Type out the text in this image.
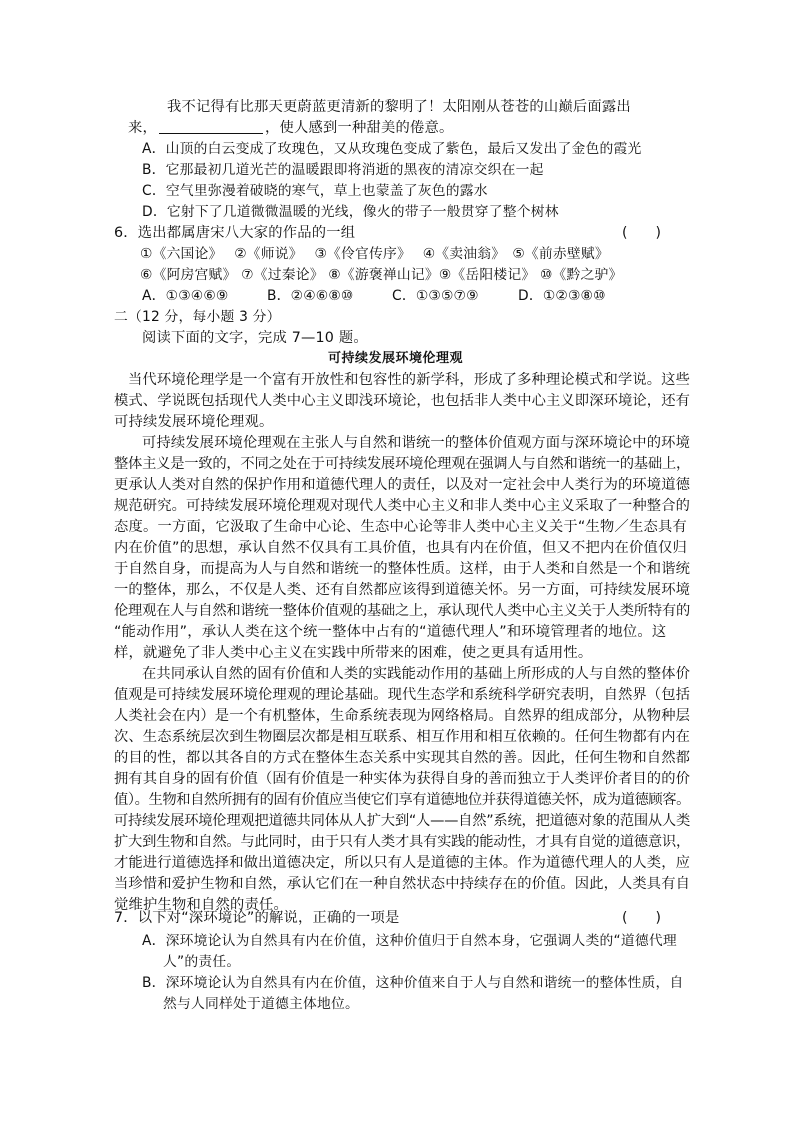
我不记得有比那天更蔚蓝更清新的黎明了！太阳刚从苍苍的山巅后面露出
来，	，使人感到一种甜美的倦意。
A．山顶的白云变成了玫瑰色，又从玫瑰色变成了紫色，最后又发出了金色的霞光
B．它那最初几道光芒的温暖跟即将消逝的黑夜的清凉交织在一起
C．空气里弥漫着破晓的寒气，草上也蒙盖了灰色的露水
D．它射下了几道微微温暖的光线，像火的带子一般贯穿了整个树林
6．选出都属唐宋八大家的作品的一组	(　　)
①《六国论》　 ②《师说》　 ③《伶官传序》　 ④《卖油翁》　⑤《前赤壁赋》
⑥《阿房宫赋》 ⑦《过秦论》 ⑧《游褒禅山记》⑨《岳阳楼记》 ⑩《黔之驴》
A．①③④⑥⑨	B．②④⑥⑧⑩	C．①③⑤⑦⑨	D．①②③⑧⑩
二（12 分，每小题 3 分）
阅读下面的文字，完成 7—10 题。
可持续发展环境伦理观
当代环境伦理学是一个富有开放性和包容性的新学科，形成了多种理论模式和学说。这些
模式、学说既包括现代人类中心主义即浅环境论，也包括非人类中心主义即深环境论，还有
可持续发展环境伦理观。
可持续发展环境伦理观在主张人与自然和谐统一的整体价值观方面与深环境论中的环境
整体主义是一致的，不同之处在于可持续发展环境伦理观在强调人与自然和谐统一的基础上，
更承认人类对自然的保护作用和道德代理人的责任，以及对一定社会中人类行为的环境道德
规范研究。可持续发展环境伦理观对现代人类中心主义和非人类中心主义采取了一种整合的
态度。一方面，它汲取了生命中心论、生态中心论等非人类中心主义关于“生物／生态具有
内在价值”的思想，承认自然不仅具有工具价值，也具有内在价值，但又不把内在价值仅归
于自然自身，而提高为人与自然和谐统一的整体性质。这样，由于人类和自然是一个和谐统
一的整体，那么，不仅是人类、还有自然都应该得到道德关怀。另一方面，可持续发展环境
伦理观在人与自然和谐统一整体价值观的基础之上，承认现代人类中心主义关于人类所特有的
“能动作用”，承认人类在这个统一整体中占有的“道德代理人”和环境管理者的地位。这
样，就避免了非人类中心主义在实践中所带来的困难，使之更具有适用性。
在共同承认自然的固有价值和人类的实践能动作用的基础上所形成的人与自然的整体价
值观是可持续发展环境伦理观的理论基础。现代生态学和系统科学研究表明，自然界（包括
人类社会在内）是一个有机整体，生命系统表现为网络格局。自然界的组成部分，从物种层
次、生态系统层次到生物圈层次都是相互联系、相互作用和相互依赖的。任何生物都有内在
的目的性，都以其各自的方式在整体生态关系中实现其自然的善。因此，任何生物和自然都
拥有其自身的固有价值（固有价值是一种实体为获得自身的善而独立于人类评价者目的的价
值）。生物和自然所拥有的固有价值应当使它们享有道德地位并获得道德关怀，成为道德顾客。
可持续发展环境伦理观把道德共同体从人扩大到“人——自然”系统，把道德对象的范围从人类
扩大到生物和自然。与此同时，由于只有人类才具有实践的能动性，才具有自觉的道德意识，
才能进行道德选择和做出道德决定，所以只有人是道德的主体。作为道德代理人的人类，应
当珍惜和爱护生物和自然，承认它们在一种自然状态中持续存在的价值。因此，人类具有自
觉维护生物和自然的责任。
7．以下对“深环境论”的解说，正确的一项是	(　　)
A．深环境论认为自然具有内在价值，这种价值归于自然本身，它强调人类的“道德代理
人”的责任。
B．深环境论认为自然具有内在价值，这种价值来自于人与自然和谐统一的整体性质，自
然与人同样处于道德主体地位。
